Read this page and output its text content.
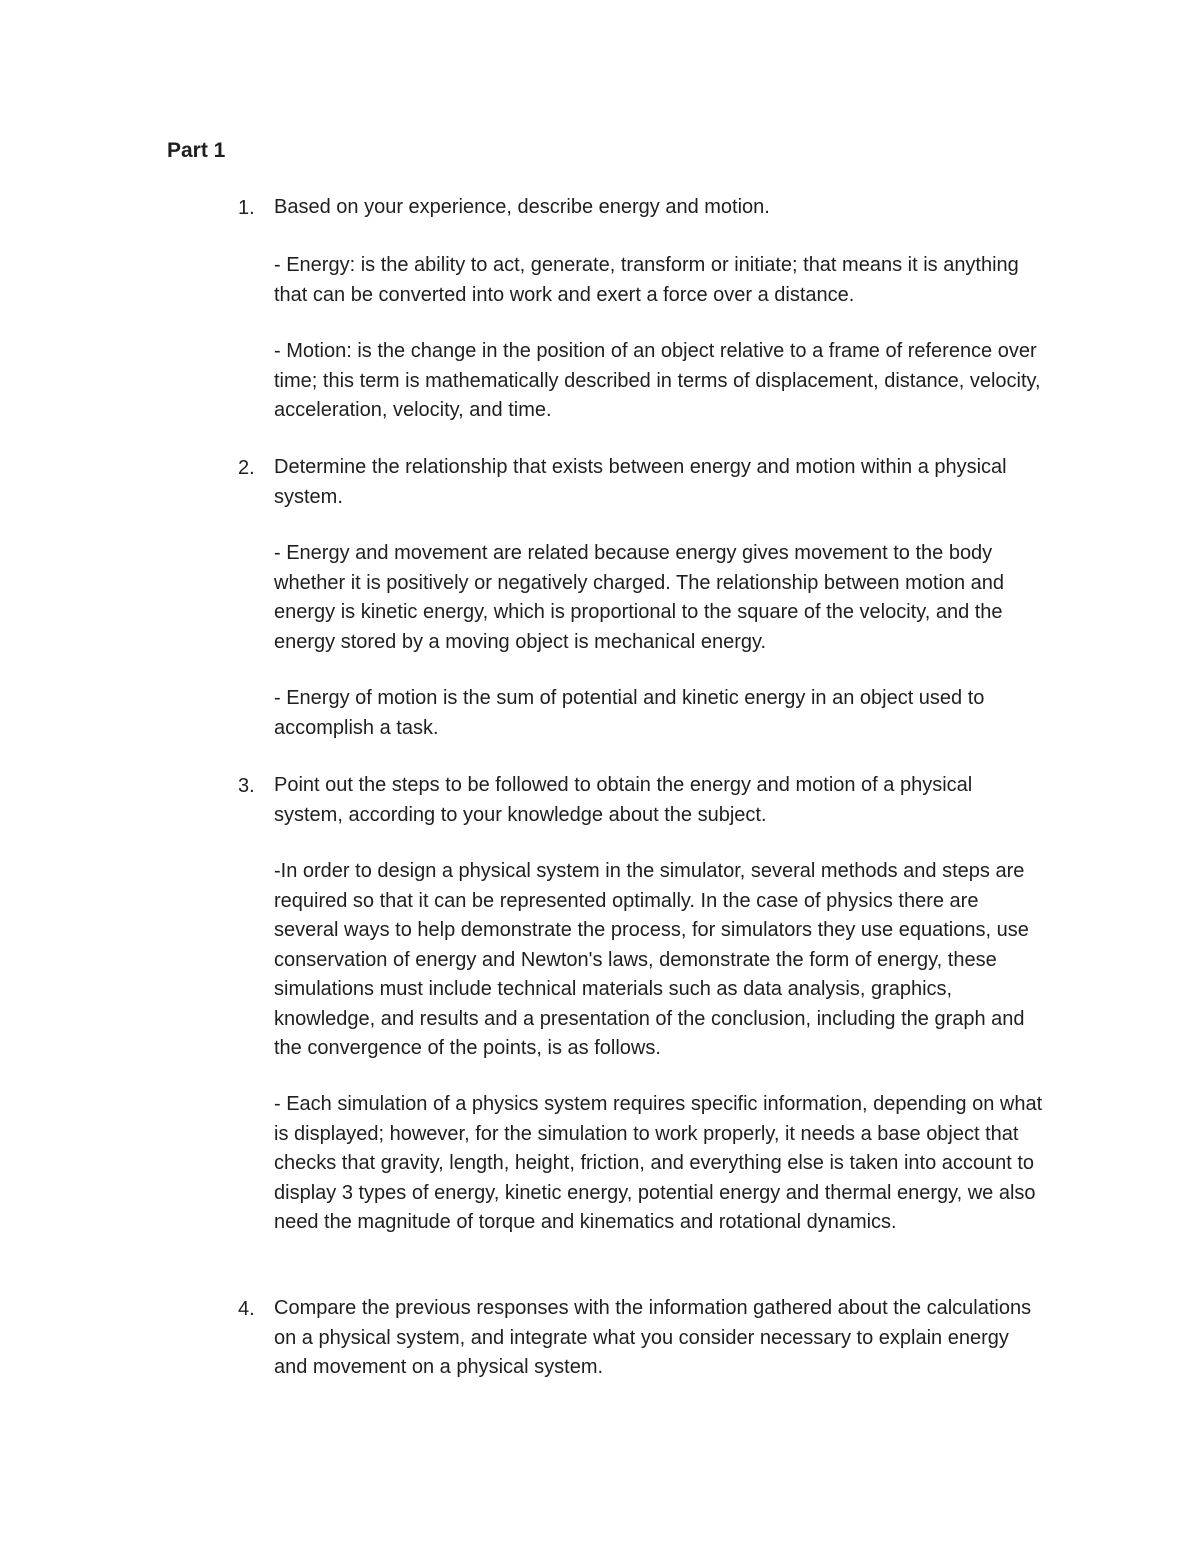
Part 1
1. Based on your experience, describe energy and motion.

- Energy: is the ability to act, generate, transform or initiate; that means it is anything that can be converted into work and exert a force over a distance.

- Motion: is the change in the position of an object relative to a frame of reference over time; this term is mathematically described in terms of displacement, distance, velocity, acceleration, velocity, and time.

2. Determine the relationship that exists between energy and motion within a physical system.

- Energy and movement are related because energy gives movement to the body whether it is positively or negatively charged. The relationship between motion and energy is kinetic energy, which is proportional to the square of the velocity, and the energy stored by a moving object is mechanical energy.

- Energy of motion is the sum of potential and kinetic energy in an object used to accomplish a task.

3. Point out the steps to be followed to obtain the energy and motion of a physical system, according to your knowledge about the subject.

-In order to design a physical system in the simulator, several methods and steps are required so that it can be represented optimally. In the case of physics there are several ways to help demonstrate the process, for simulators they use equations, use conservation of energy and Newton's laws, demonstrate the form of energy, these simulations must include technical materials such as data analysis, graphics, knowledge, and results and a presentation of the conclusion, including the graph and the convergence of the points, is as follows.

- Each simulation of a physics system requires specific information, depending on what is displayed; however, for the simulation to work properly, it needs a base object that checks that gravity, length, height, friction, and everything else is taken into account to display 3 types of energy, kinetic energy, potential energy and thermal energy, we also need the magnitude of torque and kinematics and rotational dynamics.

4. Compare the previous responses with the information gathered about the calculations on a physical system, and integrate what you consider necessary to explain energy and movement on a physical system.
